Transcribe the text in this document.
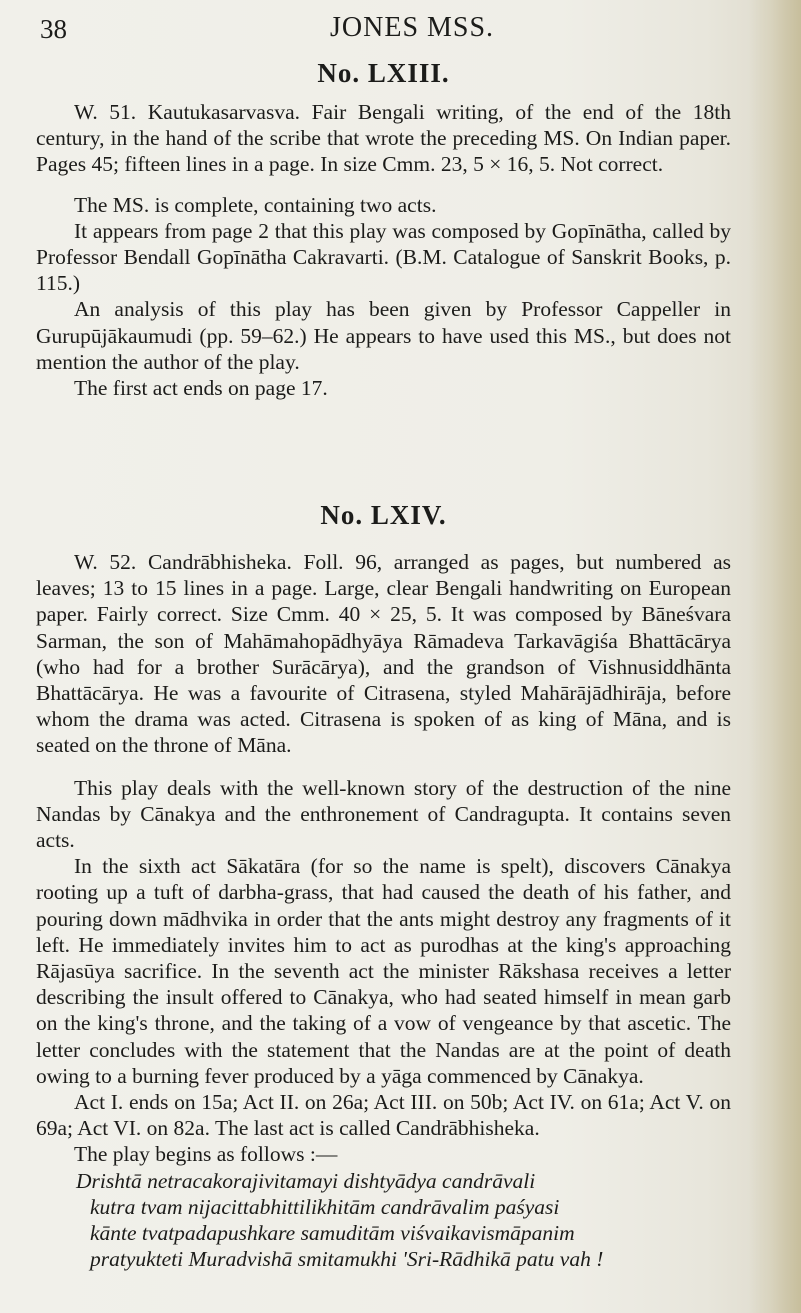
38	JONES MSS.
No. LXIII.

W. 51. Kautukasarvasva. Fair Bengali writing, of the end of the 18th century, in the hand of the scribe that wrote the preceding MS. On Indian paper. Pages 45; fifteen lines in a page. In size Cmm. 23, 5 × 16, 5. Not correct.

The MS. is complete, containing two acts.

It appears from page 2 that this play was composed by Gopīnātha, called by Professor Bendall Gopīnātha Cakravarti. (B.M. Catalogue of Sanskrit Books, p. 115.)

An analysis of this play has been given by Professor Cappeller in Gurupūjākaumudi (pp. 59–62.) He appears to have used this MS., but does not mention the author of the play.

The first act ends on page 17.

No. LXIV.

W. 52. Candrābhisheka. Foll. 96, arranged as pages, but numbered as leaves; 13 to 15 lines in a page. Large, clear Bengali handwriting on European paper. Fairly correct. Size Cmm. 40 × 25, 5. It was composed by Bāneśvara Sarman, the son of Mahāmahopādhyāya Rāmadeva Tarkavāgiśa Bhattācārya (who had for a brother Surācārya), and the grandson of Vishnusiddhānta Bhattācārya. He was a favourite of Citrasena, styled Mahārājādhirāja, before whom the drama was acted. Citrasena is spoken of as king of Māna, and is seated on the throne of Māna.

This play deals with the well-known story of the destruction of the nine Nandas by Cānakya and the enthronement of Candragupta. It contains seven acts.

In the sixth act Sākatāra (for so the name is spelt), discovers Cānakya rooting up a tuft of darbha-grass, that had caused the death of his father, and pouring down mādhvika in order that the ants might destroy any fragments of it left. He immediately invites him to act as purodhas at the king's approaching Rājasūya sacrifice. In the seventh act the minister Rākshasa receives a letter describing the insult offered to Cānakya, who had seated himself in mean garb on the king's throne, and the taking of a vow of vengeance by that ascetic. The letter concludes with the statement that the Nandas are at the point of death owing to a burning fever produced by a yāga commenced by Cānakya.

Act I. ends on 15a; Act II. on 26a; Act III. on 50b; Act IV. on 61a; Act V. on 69a; Act VI. on 82a. The last act is called Candrābhisheka.

The play begins as follows :—

Drishtā netracakorajivitamayi dishtyādya candrāvali
kutra tvam nijacittabhittilikhitām candrāvalim paśyasi
kānte tvatpadapushkare samuditām viśvaikavismāpanim
pratyukteti Muradvishā smitamukhi 'Sri-Rādhikā patu vah !
